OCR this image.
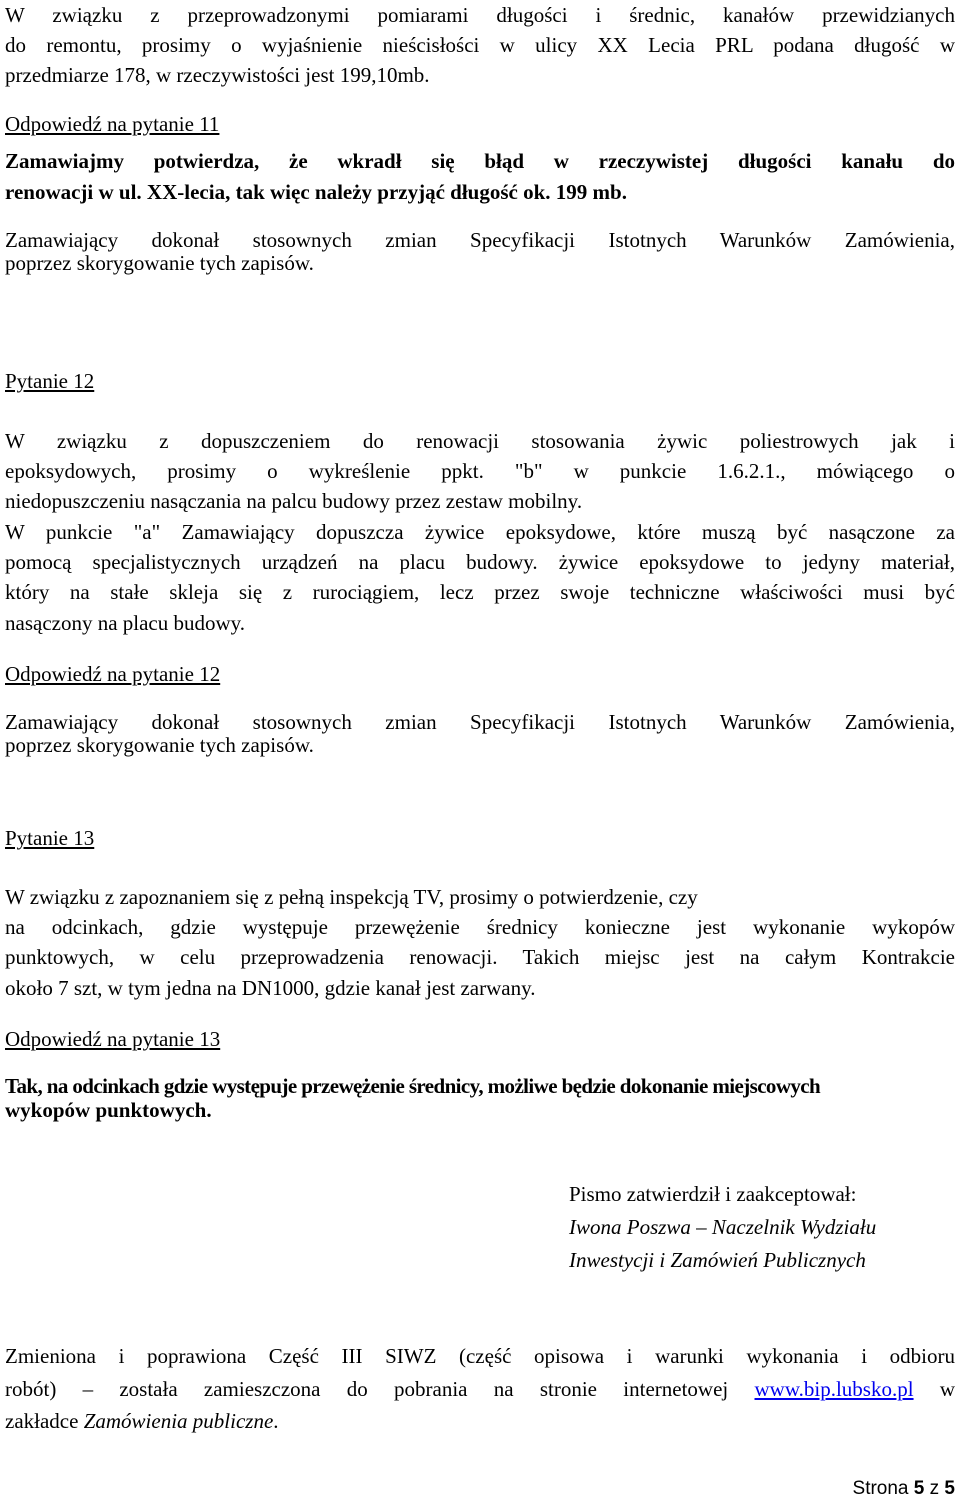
W związku z przeprowadzonymi pomiarami długości i średnic, kanałów przewidzianych

do remontu, prosimy o wyjaśnienie nieścisłości w ulicy XX Lecia PRL podana długość w

przedmiarze 178, w rzeczywistości jest 199,10mb.

Odpowiedź na pytanie 11

Zamawiajmy potwierdza, że wkradł się błąd w rzeczywistej długości kanału do

renowacji w ul. XX-lecia, tak więc należy przyjąć długość ok. 199 mb.

Zamawiający dokonał stosownych zmian Specyfikacji Istotnych Warunków Zamówienia,

poprzez skorygowanie tych zapisów.

Pytanie 12

W związku z dopuszczeniem do renowacji stosowania żywic poliestrowych jak i

epoksydowych, prosimy o wykreślenie ppkt. "b" w punkcie 1.6.2.1., mówiącego o

niedopuszczeniu nasączania na palcu budowy przez zestaw mobilny.

W punkcie "a" Zamawiający dopuszcza żywice epoksydowe, które muszą być nasączone za

pomocą specjalistycznych urządzeń na placu budowy. żywice epoksydowe to jedyny materiał,

który na stałe skleja się z rurociągiem, lecz przez swoje techniczne właściwości musi być

nasączony na placu budowy.

Odpowiedź na pytanie 12

Zamawiający dokonał stosownych zmian Specyfikacji Istotnych Warunków Zamówienia,

poprzez skorygowanie tych zapisów.

Pytanie 13

W związku z zapoznaniem się z pełną inspekcją TV, prosimy o potwierdzenie, czy

na odcinkach, gdzie występuje przewężenie średnicy konieczne jest wykonanie wykopów

punktowych, w celu przeprowadzenia renowacji. Takich miejsc jest na całym Kontrakcie

około 7 szt, w tym jedna na DN1000, gdzie kanał jest zarwany.

Odpowiedź na pytanie 13

Tak, na odcinkach gdzie występuje przewężenie średnicy, możliwe będzie dokonanie miejscowych

wykopów punktowych.

Pismo zatwierdził i zaakceptował:
Iwona Poszwa – Naczelnik Wydziału
Inwestycji i Zamówień Publicznych

Zmieniona i poprawiona Część III SIWZ (część opisowa i warunki wykonania i odbioru

robót) – została zamieszczona do pobrania na stronie internetowej www.bip.lubsko.pl w

zakładce Zamówienia publiczne.

Strona 5 z 5
